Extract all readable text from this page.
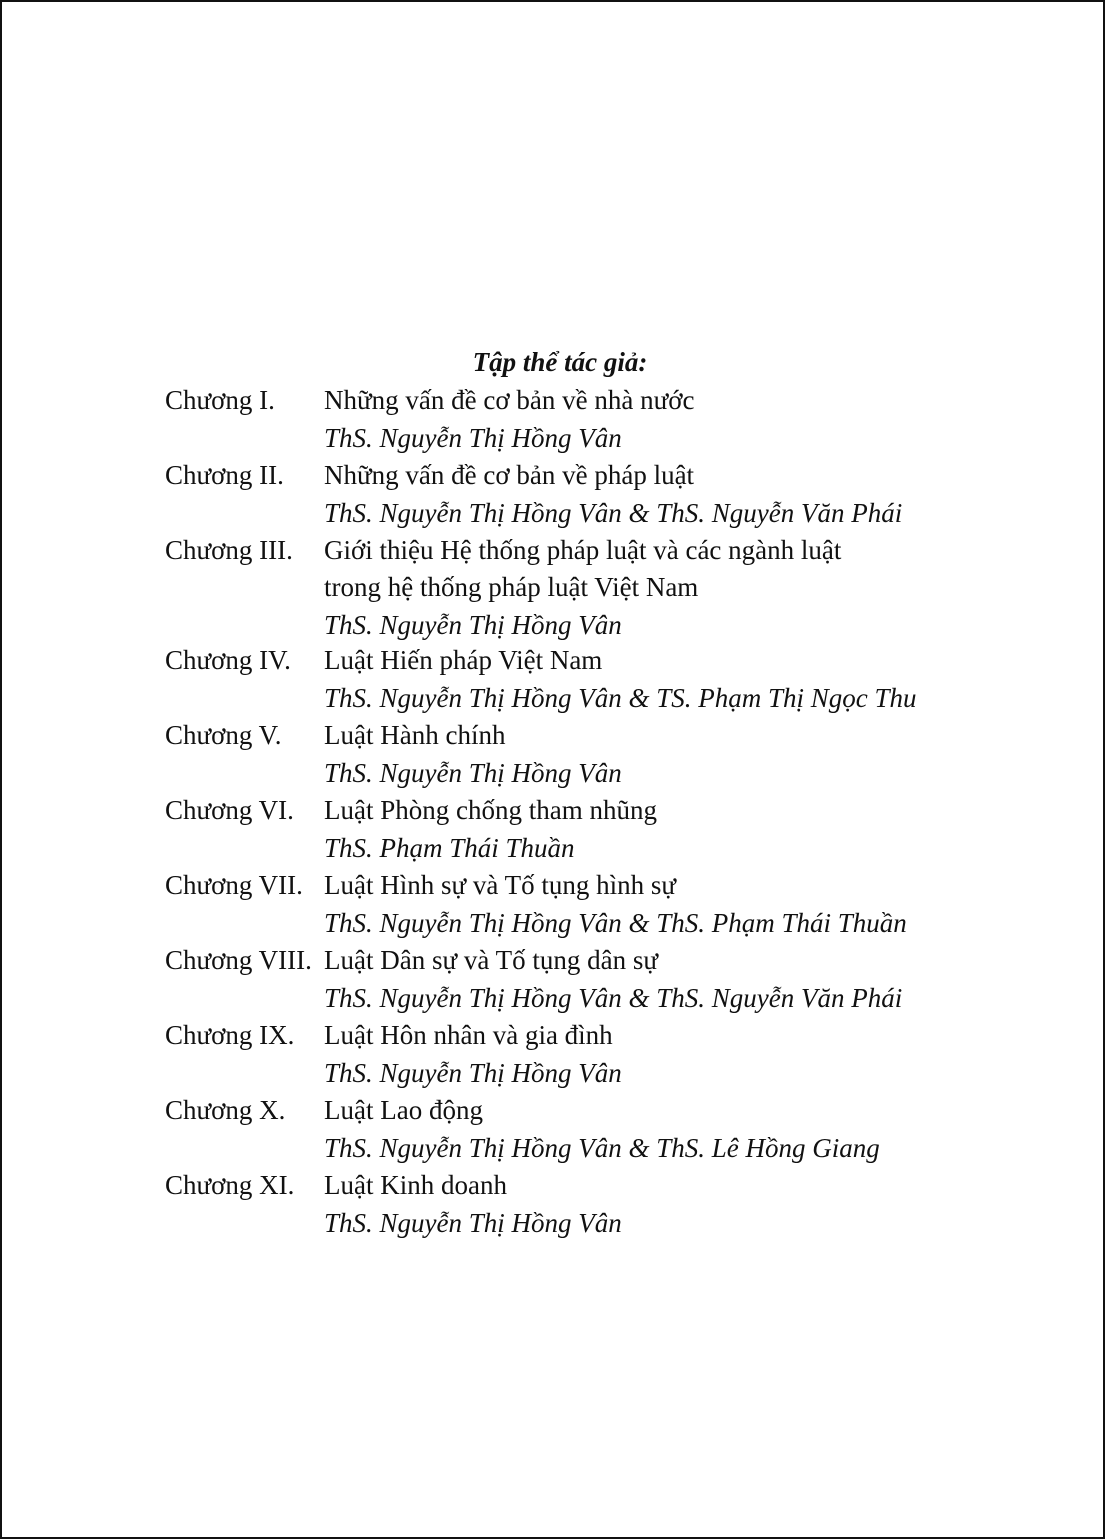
Tập thể tác giả:
Chương I. Những vấn đề cơ bản về nhà nước
ThS. Nguyễn Thị Hồng Vân
Chương II. Những vấn đề cơ bản về pháp luật
ThS. Nguyễn Thị Hồng Vân & ThS. Nguyễn Văn Phái
Chương III. Giới thiệu Hệ thống pháp luật và các ngành luật
trong hệ thống pháp luật Việt Nam
ThS. Nguyễn Thị Hồng Vân
Chương IV. Luật Hiến pháp Việt Nam
ThS. Nguyễn Thị Hồng Vân & TS. Phạm Thị Ngọc Thu
Chương V. Luật Hành chính
ThS. Nguyễn Thị Hồng Vân
Chương VI. Luật Phòng chống tham nhũng
ThS. Phạm Thái Thuần
Chương VII. Luật Hình sự và Tố tụng hình sự
ThS. Nguyễn Thị Hồng Vân & ThS. Phạm Thái Thuần
Chương VIII. Luật Dân sự và Tố tụng dân sự
ThS. Nguyễn Thị Hồng Vân & ThS. Nguyễn Văn Phái
Chương IX. Luật Hôn nhân và gia đình
ThS. Nguyễn Thị Hồng Vân
Chương X. Luật Lao động
ThS. Nguyễn Thị Hồng Vân & ThS. Lê Hồng Giang
Chương XI. Luật Kinh doanh
ThS. Nguyễn Thị Hồng Vân
